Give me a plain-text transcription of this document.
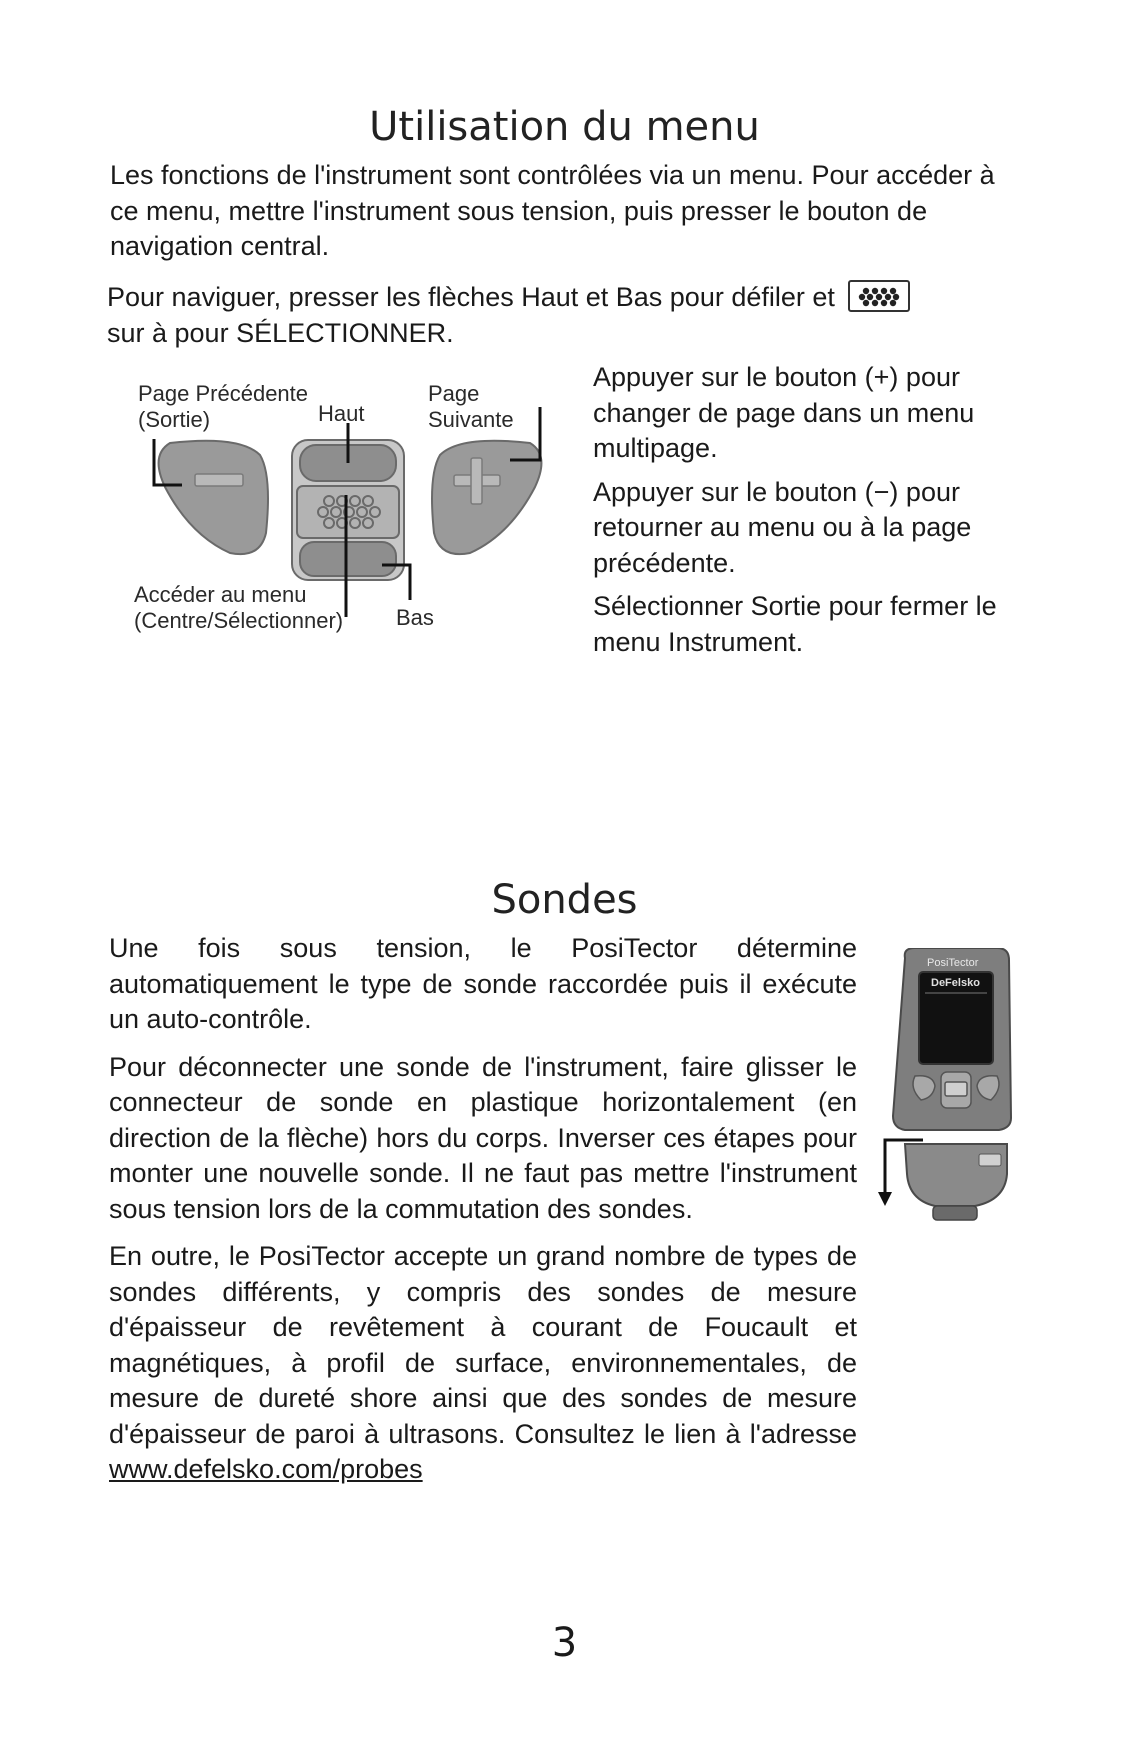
Utilisation du menu
Les fonctions de l'instrument sont contrôlées via un menu. Pour accéder à ce menu, mettre l'instrument sous tension, puis presser le bouton de navigation central.
Pour naviguer, presser les flèches Haut et Bas pour défiler et
sur à pour SÉLECTIONNER.
Page Précédente
(Sortie)	Haut
Page
Suivante
Accéder au menu
(Centre/Sélectionner) Bas
Appuyer sur le bouton (+) pour changer de page dans un menu multipage.
Appuyer sur le bouton (−) pour retourner au menu ou à la page précédente.
Sélectionner Sortie pour fermer le menu Instrument.
Sondes
Une fois sous tension, le PosiTector détermine automatiquement le type de sonde raccordée puis il exécute un auto-contrôle.
Pour déconnecter une sonde de l'instrument, faire glisser le connecteur de sonde en plastique horizontalement (en direction de la flèche) hors du corps. Inverser ces étapes pour monter une nouvelle sonde. Il ne faut pas mettre l'instrument sous tension lors de la commutation des sondes.
En outre, le PosiTector accepte un grand nombre de types de sondes différents, y compris des sondes de mesure d'épaisseur de revêtement à courant de Foucault et magnétiques, à profil de surface, environnementales, de mesure de dureté shore ainsi que des sondes de mesure d'épaisseur de paroi à ultrasons. Consultez le lien à l'adresse www.defelsko.com/probes
PosiTector
DeFelsko
3
